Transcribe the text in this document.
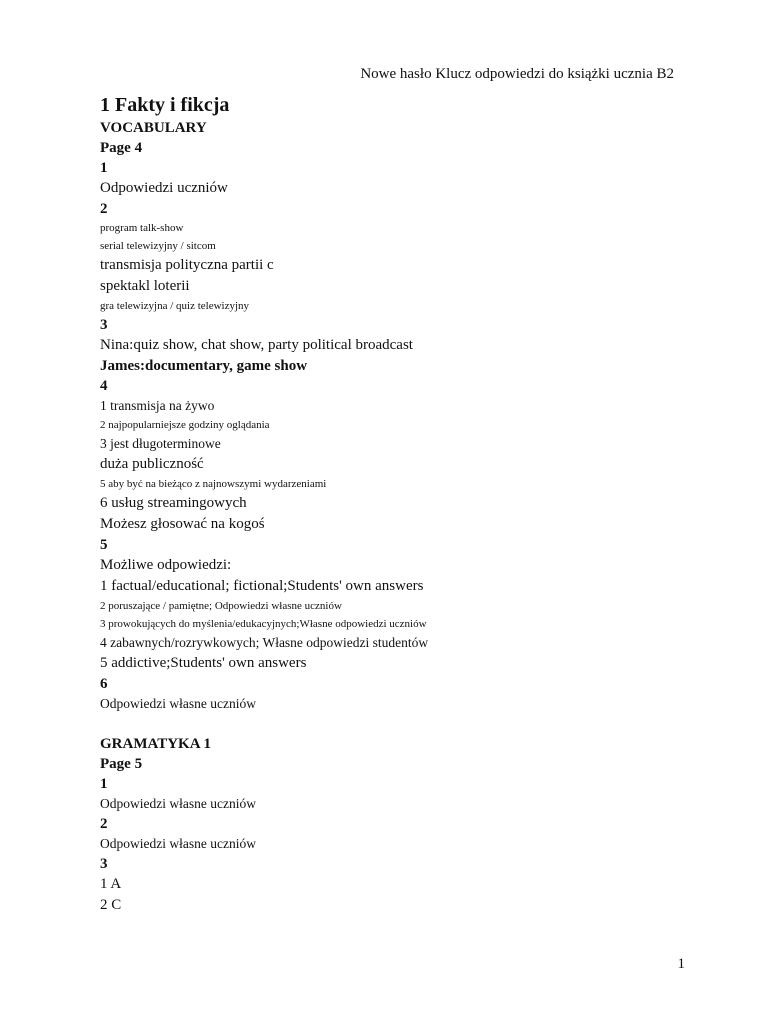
Nowe hasło Klucz odpowiedzi do książki ucznia B2
1 Fakty i fikcja
VOCABULARY
Page 4
1
Odpowiedzi uczniów
2
program talk-show
serial telewizyjny / sitcom
transmisja polityczna partii c
spektakl loterii
gra telewizyjna / quiz telewizyjny
3
Nina:quiz show, chat show, party political broadcast
James:documentary, game show
4
1 transmisja na żywo
2 najpopularniejsze godziny oglądania
3 jest długoterminowe
duża publiczność
5 aby być na bieżąco z najnowszymi wydarzeniami
6 usług streamingowych
Możesz głosować na kogoś
5
Możliwe odpowiedzi:
1 factual/educational; fictional;Students' own answers
2 poruszające / pamiętne; Odpowiedzi własne uczniów
3 prowokujących do myślenia/edukacyjnych;Własne odpowiedzi uczniów
4 zabawnych/rozrywkowych; Własne odpowiedzi studentów
5 addictive;Students' own answers
6
Odpowiedzi własne uczniów
GRAMATYKA 1
Page 5
1
Odpowiedzi własne uczniów
2
Odpowiedzi własne uczniów
3
1 A
2 C
1
